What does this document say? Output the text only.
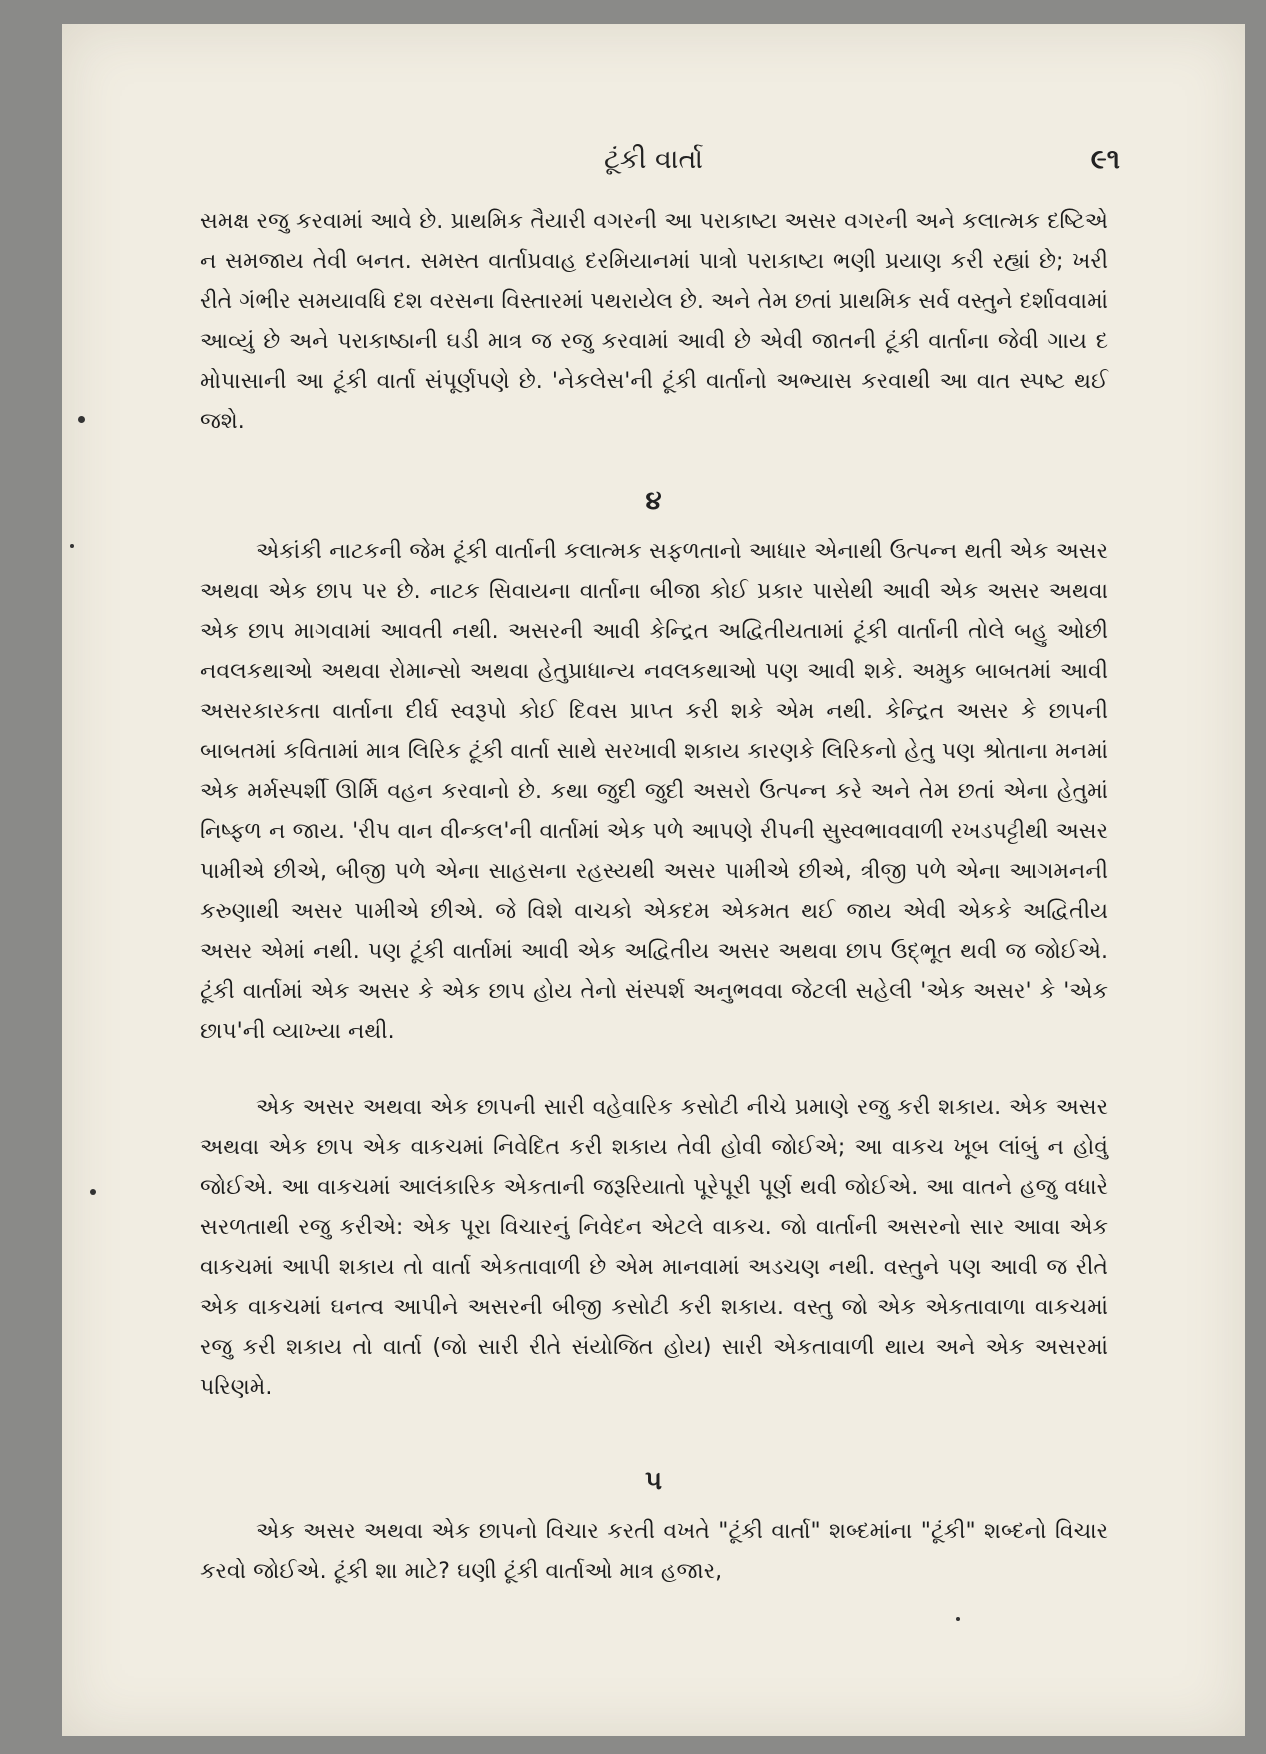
ટૂંકી વાર્તા	૯૧

સમક્ષ રજુ કરવામાં આવે છે. પ્રાથમિક તૈયારી વગરની આ પરાકાષ્ટા અસર વગરની અને કલાત્મક દષ્ટિએ ન સમજાય તેવી બનત. સમસ્ત વાર્તાપ્રવાહ દરમિયાનમાં પાત્રો પરાકાષ્ટા ભણી પ્રયાણ કરી રહ્યાં છે; ખરી રીતે ગંભીર સમયાવધિ દશ વરસના વિસ્તારમાં પથરાયેલ છે. અને તેમ છતાં પ્રાથમિક સર્વ વસ્તુને દર્શાવવામાં આવ્યું છે અને પરાકાષ્ઠાની ઘડી માત્ર જ રજુ કરવામાં આવી છે એવી જાતની ટૂંકી વાર્તાના જેવી ગાય દ મોપાસાની આ ટૂંકી વાર્તા સંપૂર્ણપણે છે. 'નેકલેસ'ની ટૂંકી વાર્તાનો અભ્યાસ કરવાથી આ વાત સ્પષ્ટ થઈ જશે.

૪

એકાંકી નાટકની જેમ ટૂંકી વાર્તાની કલાત્મક સફળતાનો આધાર એનાથી ઉત્પન્ન થતી એક અસર અથવા એક છાપ પર છે. નાટક સિવાયના વાર્તાના બીજા કોઈ પ્રકાર પાસેથી આવી એક અસર અથવા એક છાપ માગવામાં આવતી નથી. અસરની આવી કેન્દ્રિત અદ્વિતીયતામાં ટૂંકી વાર્તાની તોલે બહુ ઓછી નવલકથાઓ અથવા રોમાન્સો અથવા હેતુપ્રાધાન્ય નવલકથાઓ પણ આવી શકે. અમુક બાબતમાં આવી અસરકારકતા વાર્તાના દીર્ઘ સ્વરૂપો કોઈ દિવસ પ્રાપ્ત કરી શકે એમ નથી. કેન્દ્રિત અસર કે છાપની બાબતમાં કવિતામાં માત્ર લિરિક ટૂંકી વાર્તા સાથે સરખાવી શકાય કારણકે લિરિકનો હેતુ પણ શ્રોતાના મનમાં એક મર્મસ્પર્શી ઊર્મિ વહન કરવાનો છે. કથા જુદી જુદી અસરો ઉત્પન્ન કરે અને તેમ છતાં એના હેતુમાં નિષ્ફળ ન જાય. 'રીપ વાન વીન્કલ'ની વાર્તામાં એક પળે આપણે રીપની સુસ્વભાવવાળી રખડપટ્ટીથી અસર પામીએ છીએ, બીજી પળે એના સાહસના રહસ્યથી અસર પામીએ છીએ, ત્રીજી પળે એના આગમનની કરુણાથી અસર પામીએ છીએ. જે વિશે વાચકો એકદમ એકમત થઈ જાય એવી એકકે અદ્વિતીય અસર એમાં નથી. પણ ટૂંકી વાર્તામાં આવી એક અદ્વિતીય અસર અથવા છાપ ઉદ્ભૂત થવી જ જોઈએ. ટૂંકી વાર્તામાં એક અસર કે એક છાપ હોય તેનો સંસ્પર્શ અનુભવવા જેટલી સહેલી 'એક અસર' કે 'એક છાપ'ની વ્યાખ્યા નથી.

એક અસર અથવા એક છાપની સારી વહેવારિક કસોટી નીચે પ્રમાણે રજુ કરી શકાય. એક અસર અથવા એક છાપ એક વાકચમાં નિવેદિત કરી શકાય તેવી હોવી જોઈએ; આ વાકચ ખૂબ લાંબું ન હોવું જોઈએ. આ વાકચમાં આલંકારિક એકતાની જરૂરિયાતો પૂરેપૂરી પૂર્ણ થવી જોઈએ. આ વાતને હજુ વધારે સરળતાથી રજુ કરીએ: એક પૂરા વિચારનું નિવેદન એટલે વાકચ. જો વાર્તાની અસરનો સાર આવા એક વાકચમાં આપી શકાય તો વાર્તા એકતાવાળી છે એમ માનવામાં અડચણ નથી. વસ્તુને પણ આવી જ રીતે એક વાકચમાં ઘનત્વ આપીને અસરની બીજી કસોટી કરી શકાય. વસ્તુ જો એક એકતાવાળા વાકચમાં રજુ કરી શકાય તો વાર્તા (જો સારી રીતે સંયોજિત હોય) સારી એકતાવાળી થાય અને એક અસરમાં પરિણમે.

૫

એક અસર અથવા એક છાપનો વિચાર કરતી વખતે "ટૂંકી વાર્તા" શબ્દમાંના "ટૂંકી" શબ્દનો વિચાર કરવો જોઈએ. ટૂંકી શા માટે? ઘણી ટૂંકી વાર્તાઓ માત્ર હજાર,
